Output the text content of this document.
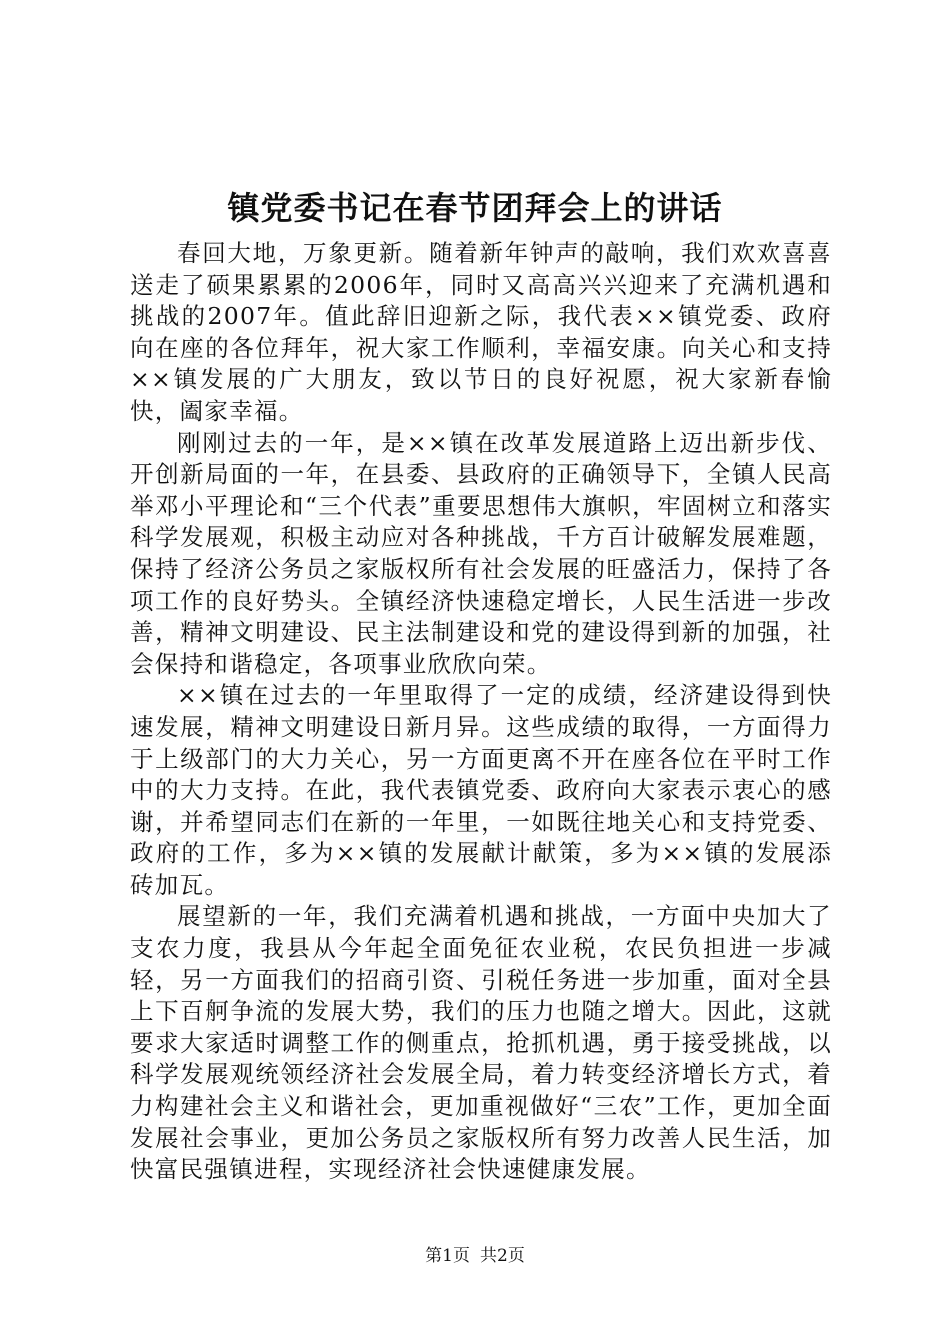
镇党委书记在春节团拜会上的讲话

春回大地，万象更新。随着新年钟声的敲响，我们欢欢喜喜送走了硕果累累的2006年，同时又高高兴兴迎来了充满机遇和挑战的2007年。值此辞旧迎新之际，我代表××镇党委、政府向在座的各位拜年，祝大家工作顺利，幸福安康。向关心和支持××镇发展的广大朋友，致以节日的良好祝愿，祝大家新春愉快，阖家幸福。

刚刚过去的一年，是××镇在改革发展道路上迈出新步伐、开创新局面的一年，在县委、县政府的正确领导下，全镇人民高举邓小平理论和“三个代表”重要思想伟大旗帜，牢固树立和落实科学发展观，积极主动应对各种挑战，千方百计破解发展难题，保持了经济公务员之家版权所有社会发展的旺盛活力，保持了各项工作的良好势头。全镇经济快速稳定增长，人民生活进一步改善，精神文明建设、民主法制建设和党的建设得到新的加强，社会保持和谐稳定，各项事业欣欣向荣。

××镇在过去的一年里取得了一定的成绩，经济建设得到快速发展，精神文明建设日新月异。这些成绩的取得，一方面得力于上级部门的大力关心，另一方面更离不开在座各位在平时工作中的大力支持。在此，我代表镇党委、政府向大家表示衷心的感谢，并希望同志们在新的一年里，一如既往地关心和支持党委、政府的工作，多为××镇的发展献计献策，多为××镇的发展添砖加瓦。

展望新的一年，我们充满着机遇和挑战，一方面中央加大了支农力度，我县从今年起全面免征农业税，农民负担进一步减轻，另一方面我们的招商引资、引税任务进一步加重，面对全县上下百舸争流的发展大势，我们的压力也随之增大。因此，这就要求大家适时调整工作的侧重点，抢抓机遇，勇于接受挑战，以科学发展观统领经济社会发展全局，着力转变经济增长方式，着力构建社会主义和谐社会，更加重视做好“三农”工作，更加全面发展社会事业，更加公务员之家版权所有努力改善人民生活，加快富民强镇进程，实现经济社会快速健康发展。

第1页 共2页
